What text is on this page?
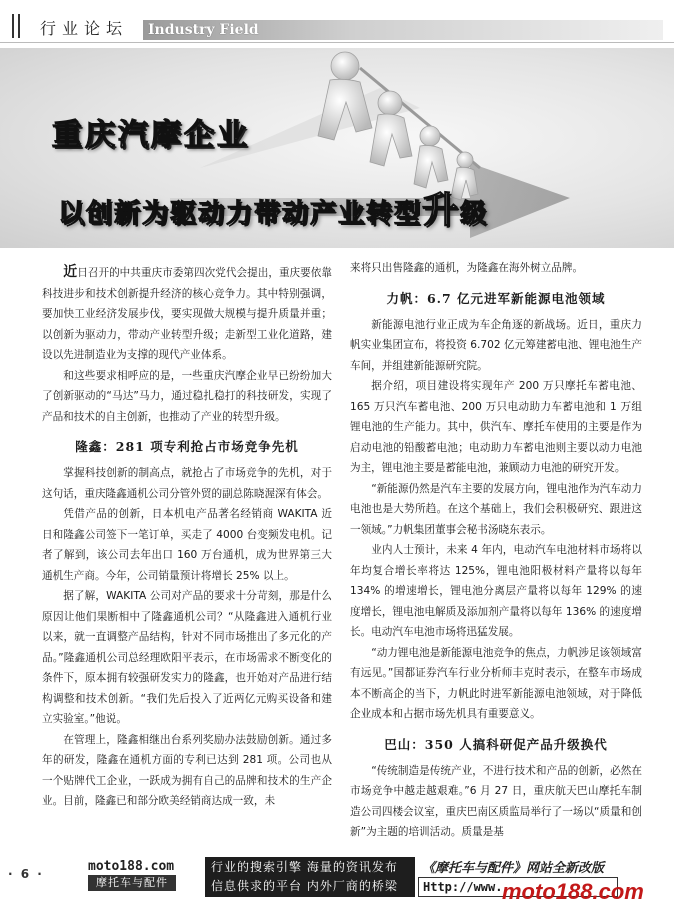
行业论坛 Industry Field
重庆汽摩企业
以创新为驱动力带动产业转型升级

近日召开的中共重庆市委第四次党代会提出，重庆要依靠科技进步和技术创新提升经济的核心竞争力。其中特别强调，要加快工业经济发展步伐，要实现做大规模与提升质量并重；以创新为驱动力，带动产业转型升级；走新型工业化道路，建设以先进制造业为支撑的现代产业体系。

和这些要求相呼应的是，一些重庆汽摩企业早已纷纷加大了创新驱动的“马达”马力，通过稳扎稳打的科技研发，实现了产品和技术的自主创新，也推动了产业的转型升级。

隆鑫：281 项专利抢占市场竞争先机

掌握科技创新的制高点，就抢占了市场竞争的先机，对于这句话，重庆隆鑫通机公司分管外贸的副总陈晓渥深有体会。

凭借产品的创新，日本机电产品著名经销商 WAKITA 近日和隆鑫公司签下一笔订单，买走了 4000 台变频发电机。记者了解到，该公司去年出口 160 万台通机，成为世界第三大通机生产商。今年，公司销量预计将增长 25% 以上。

据了解，WAKITA 公司对产品的要求十分苛刻，那是什么原因让他们果断相中了隆鑫通机公司？“从隆鑫进入通机行业以来，就一直调整产品结构，针对不同市场推出了多元化的产品。”隆鑫通机公司总经理欧阳平表示，在市场需求不断变化的条件下，原本拥有较强研发实力的隆鑫，也开始对产品进行结构调整和技术创新。“我们先后投入了近两亿元购买设备和建立实验室。”他说。

在管理上，隆鑫相继出台系列奖励办法鼓励创新。通过多年的研发，隆鑫在通机方面的专利已达到 281 项。公司也从一个贴牌代工企业，一跃成为拥有自己的品牌和技术的生产企业。目前，隆鑫已和部分欧美经销商达成一致，未

来将只出售隆鑫的通机，为隆鑫在海外树立品牌。

力帆：6.7 亿元进军新能源电池领域

新能源电池行业正成为车企角逐的新战场。近日，重庆力帆实业集团宣布，将投资 6.702 亿元筹建蓄电池、锂电池生产车间，并组建新能源研究院。

据介绍，项目建设将实现年产 200 万只摩托车蓄电池、165 万只汽车蓄电池、200 万只电动助力车蓄电池和 1 万组锂电池的生产能力。其中，供汽车、摩托车使用的主要是作为启动电池的铅酸蓄电池；电动助力车蓄电池则主要以动力电池为主，锂电池主要是蓄能电池，兼顾动力电池的研究开发。

“新能源仍然是汽车主要的发展方向，锂电池作为汽车动力电池也是大势所趋。在这个基础上，我们会积极研究、跟进这一领域。”力帆集团董事会秘书汤晓东表示。

业内人士预计，未来 4 年内，电动汽车电池材料市场将以年均复合增长率将达 125%，锂电池阳极材料产量将以每年 134% 的增速增长，锂电池分离层产量将以每年 129% 的速度增长，锂电池电解质及添加剂产量将以每年 136% 的速度增长。电动汽车电池市场将迅猛发展。

“动力锂电池是新能源电池竞争的焦点，力帆涉足该领域富有远见。”国都证券汽车行业分析师丰克时表示，在整车市场成本不断高企的当下，力帆此时进军新能源电池领域，对于降低企业成本和占据市场先机具有重要意义。

巴山：350 人搞科研促产品升级换代

“传统制造是传统产业，不进行技术和产品的创新，必然在市场竞争中越走越艰难。”6 月 27 日，重庆航天巴山摩托车制造公司四楼会议室，重庆巴南区质监局举行了一场以“质量和创新”为主题的培训活动。质量是基

· 6 ·	moto188.com
摩托车与配件
行业的搜索引擎 海量的资讯发布
信息供求的平台 内外厂商的桥梁
《摩托车与配件》网站全新改版
Http://www. moto188.com
